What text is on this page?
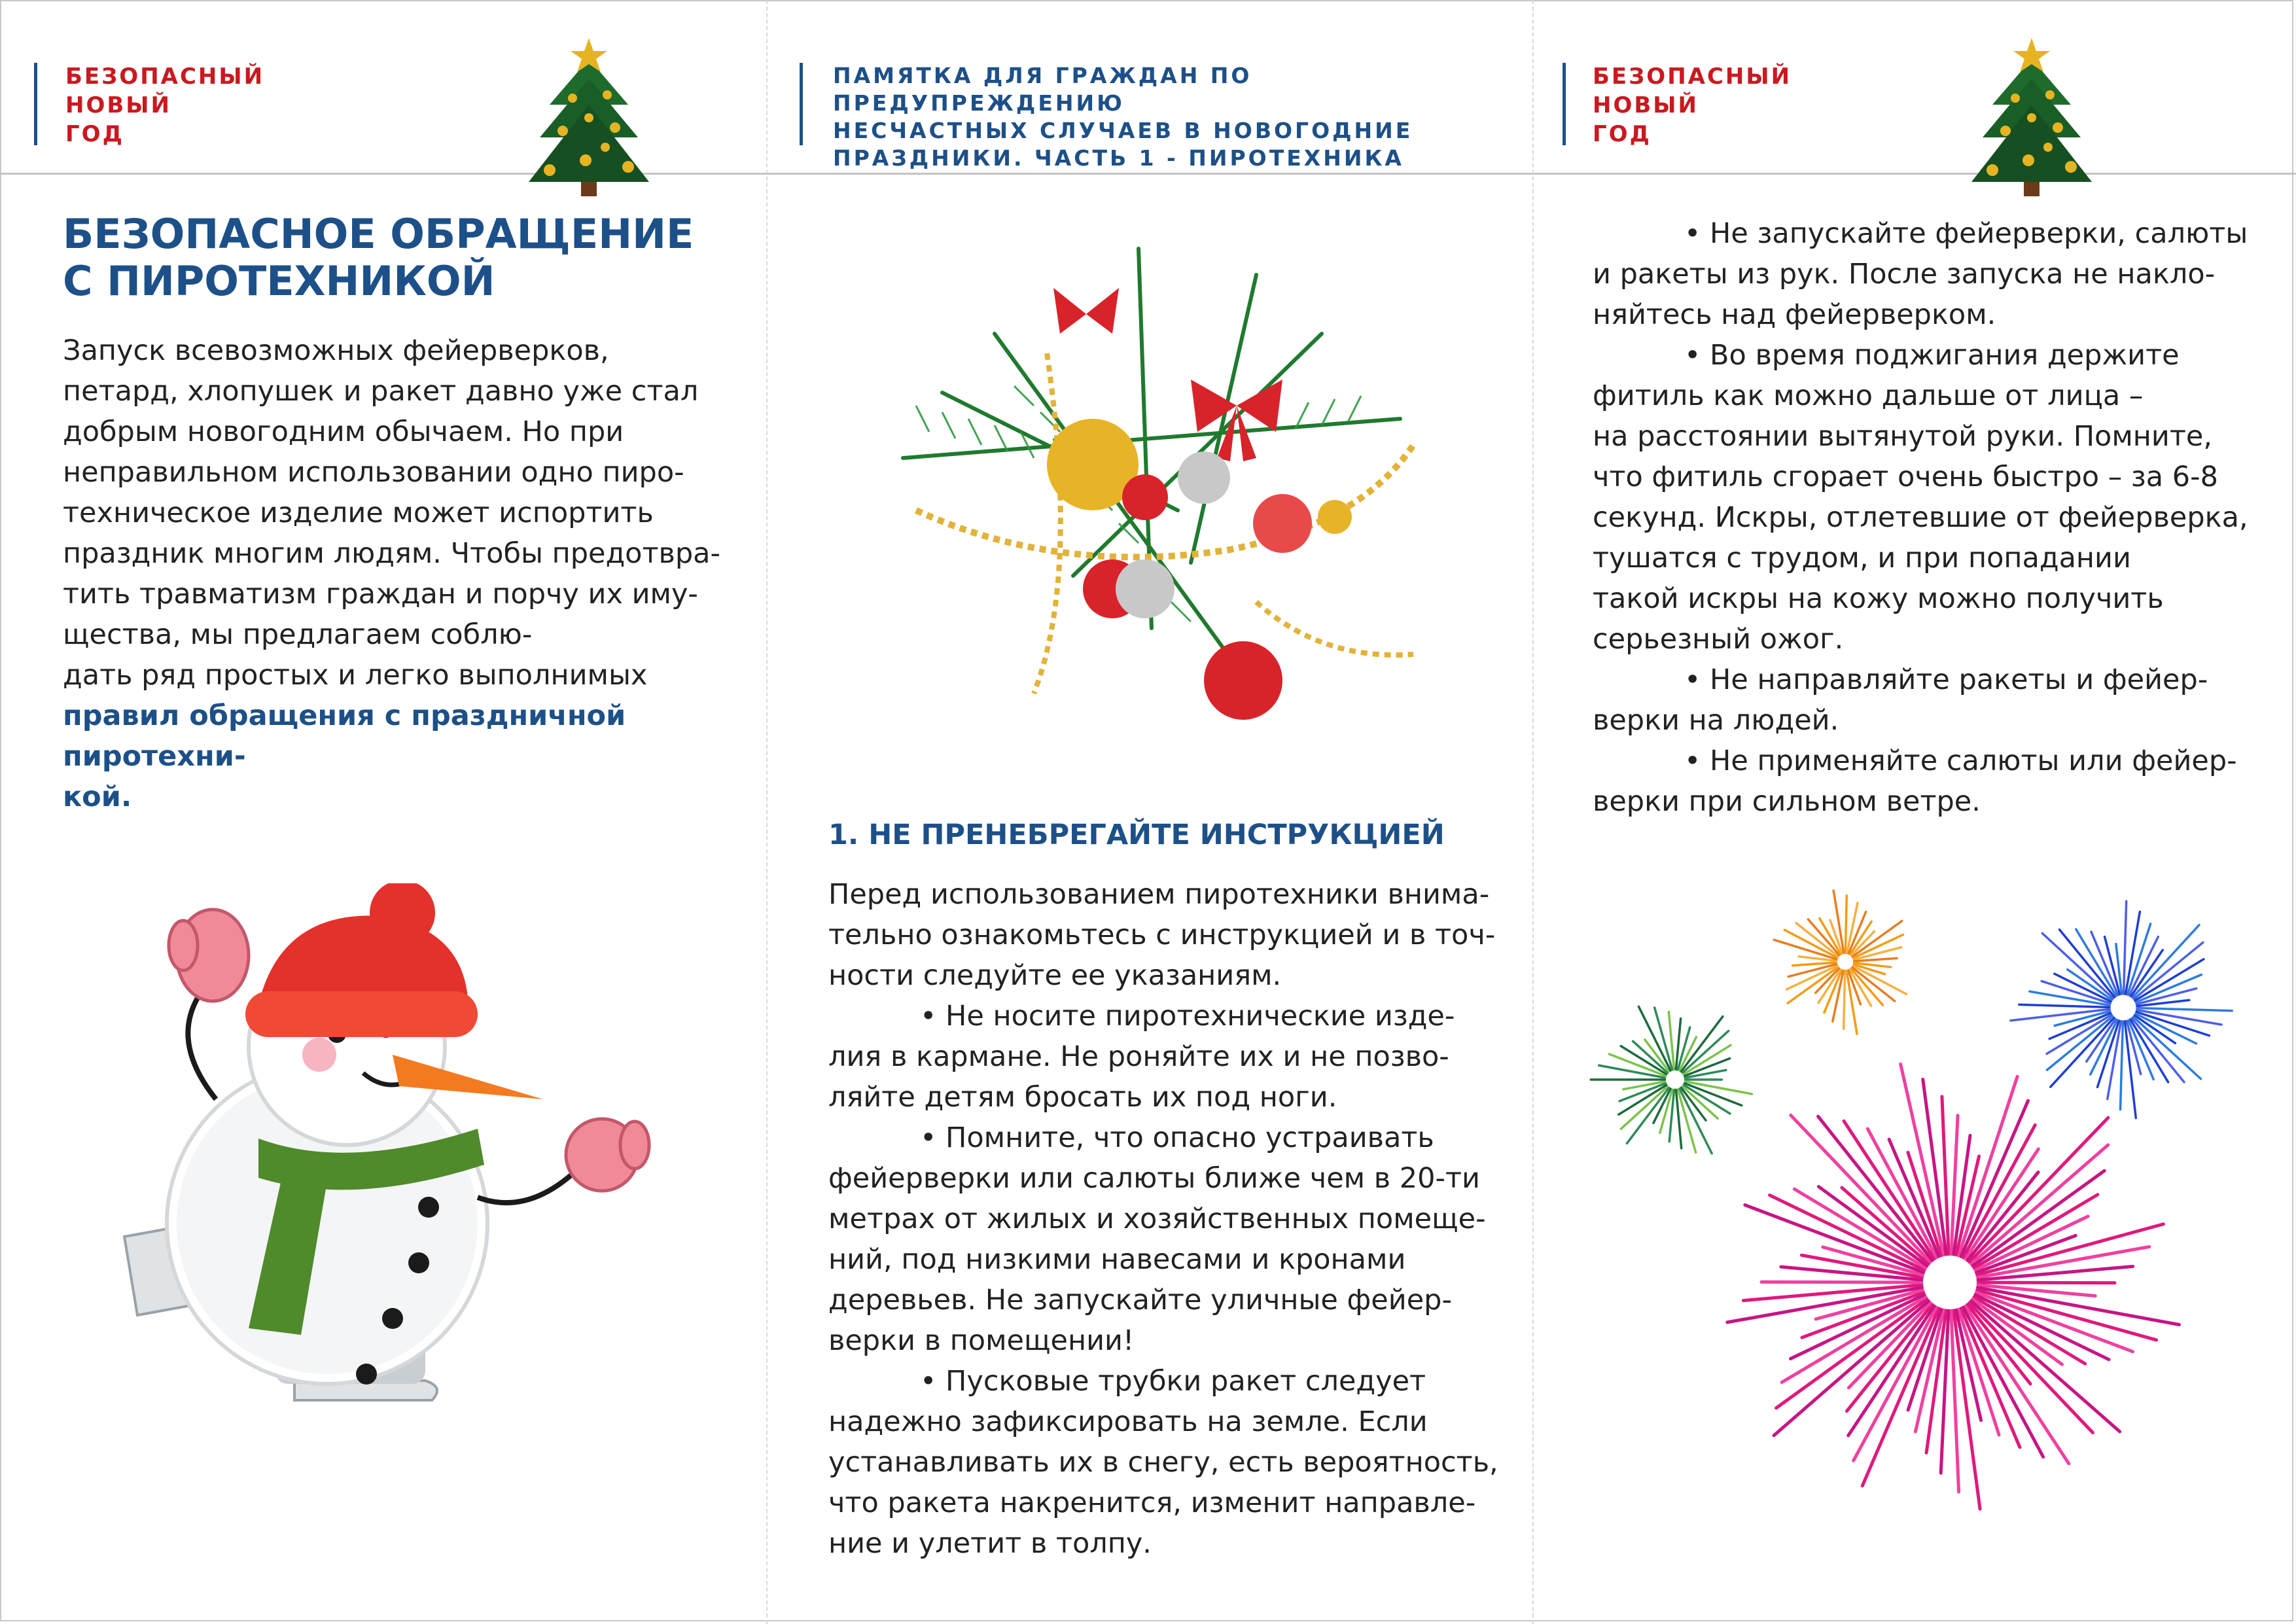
БЕЗОПАСНЫЙ
НОВЫЙ
ГОД
ПАМЯТКА ДЛЯ ГРАЖДАН ПО ПРЕДУПРЕЖДЕНИЮ
НЕСЧАСТНЫХ СЛУЧАЕВ В НОВОГОДНИЕ
ПРАЗДНИКИ. ЧАСТЬ 1 - ПИРОТЕХНИКА
БЕЗОПАСНЫЙ
НОВЫЙ
ГОД
БЕЗОПАСНОЕ ОБРАЩЕНИЕ
С ПИРОТЕХНИКОЙ

Запуск всевозможных фейерверков,

петард, хлопушек и ракет давно уже стал

добрым новогодним обычаем. Но при

неправильном использовании одно пиро-

техническое изделие может испортить

праздник многим людям. Чтобы предотвра-

тить травматизм граждан и порчу их иму-

щества, мы предлагаем соблю-

дать ряд простых и легко выполнимых

правил обращения с праздничной пиротехни-

кой.

1. НЕ ПРЕНЕБРЕГАЙТЕ ИНСТРУКЦИЕЙ

Перед использованием пиротехники внима-

тельно ознакомьтесь с инструкцией и в точ-

ности следуйте ее указаниям.

• Не носите пиротехнические изде-

лия в кармане. Не роняйте их и не позво-

ляйте детям бросать их под ноги.

• Помните, что опасно устраивать

фейерверки или салюты ближе чем в 20-ти

метрах от жилых и хозяйственных помеще-

ний, под низкими навесами и кронами

деревьев. Не запускайте уличные фейер-

верки в помещении!

• Пусковые трубки ракет следует

надежно зафиксировать на земле. Если

устанавливать их в снегу, есть вероятность,

что ракета накренится, изменит направле-

ние и улетит в толпу.

• Не запускайте фейерверки, салюты

и ракеты из рук. После запуска не накло-

няйтесь над фейерверком.

• Во время поджигания держите

фитиль как можно дальше от лица –

на расстоянии вытянутой руки. Помните,

что фитиль сгорает очень быстро – за 6-8

секунд. Искры, отлетевшие от фейерверка,

тушатся с трудом, и при попадании

такой искры на кожу можно получить

серьезный ожог.

• Не направляйте ракеты и фейер-

верки на людей.

• Не применяйте салюты или фейер-

верки при сильном ветре.
